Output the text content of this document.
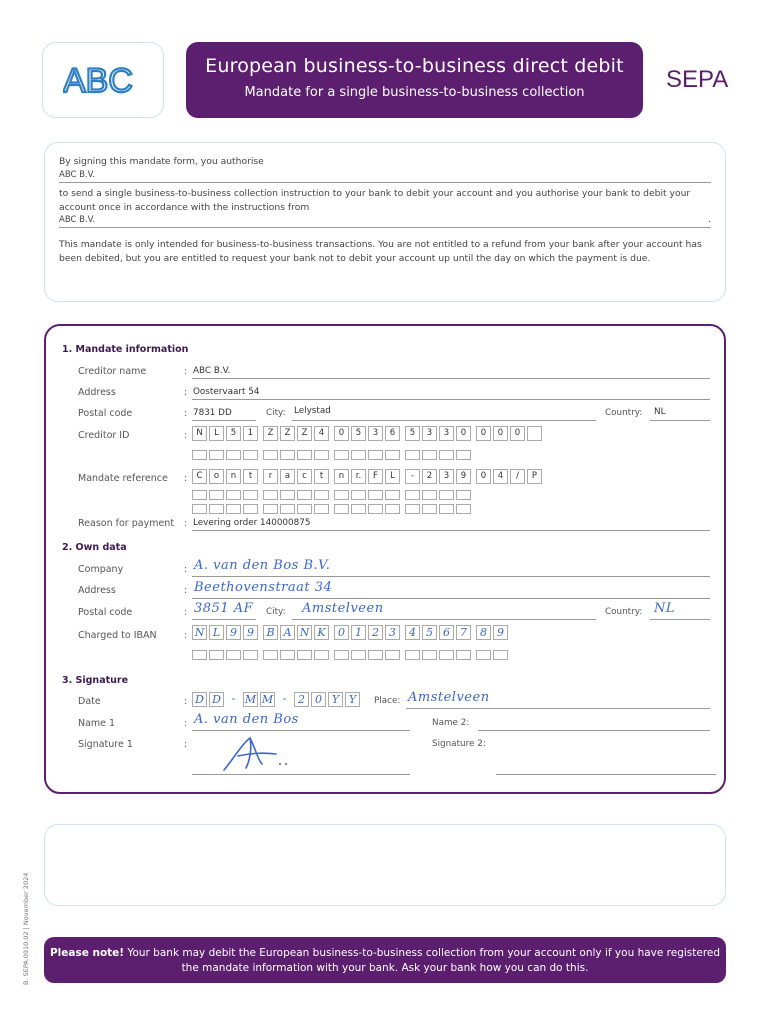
ABC	European business-to-business direct debit
Mandate for a single business-to-business collection	SEPA
By signing this mandate form, you authorise
ABC B.V.
to send a single business-to-business collection instruction to your bank to debit your account and you authorise your bank to debit your account once in accordance with the instructions from
ABC B.V.	.
This mandate is only intended for business-to-business transactions. You are not entitled to a refund from your bank after your account has been debited, but you are entitled to request your bank not to debit your account up until the day on which the payment is due.
1. Mandate information
Creditor name	: ABC B.V.
Address	: Oostervaart 54
Postal code	: 7831 DD	City: Lelystad	Country: NL
Creditor ID	:	N	L	5	1	Z	Z	Z	4	0	5	3	6	5	3	3	0	0	0	0
Mandate reference :	C	o	n	t	r	a	c	t	n	r.	F	L	-	2	3	9	0	4	/	P
Reason for payment : Levering order 140000875
2. Own data
Company	: A. van den Bos B.V.
Address	: Beethovenstraat 34
Postal code	: 3851 AF City: Amstelveen	Country: NL
Charged to IBAN	: N L 9 9	B A N K	0 1 2 3	4 5 6 7	8 9
3. Signature
Date	: D D - M M -	2 0 Y Y	Place: Amstelveen
Name 1	: A. van den Bos	Name 2:
Signature 1	:	Signature 2:
Please note! Your bank may debit the European business-to-business collection from your account only if you have registered the mandate information with your bank. Ask your bank how you can do this.
B. SEPA.0910.02 | November 2024
